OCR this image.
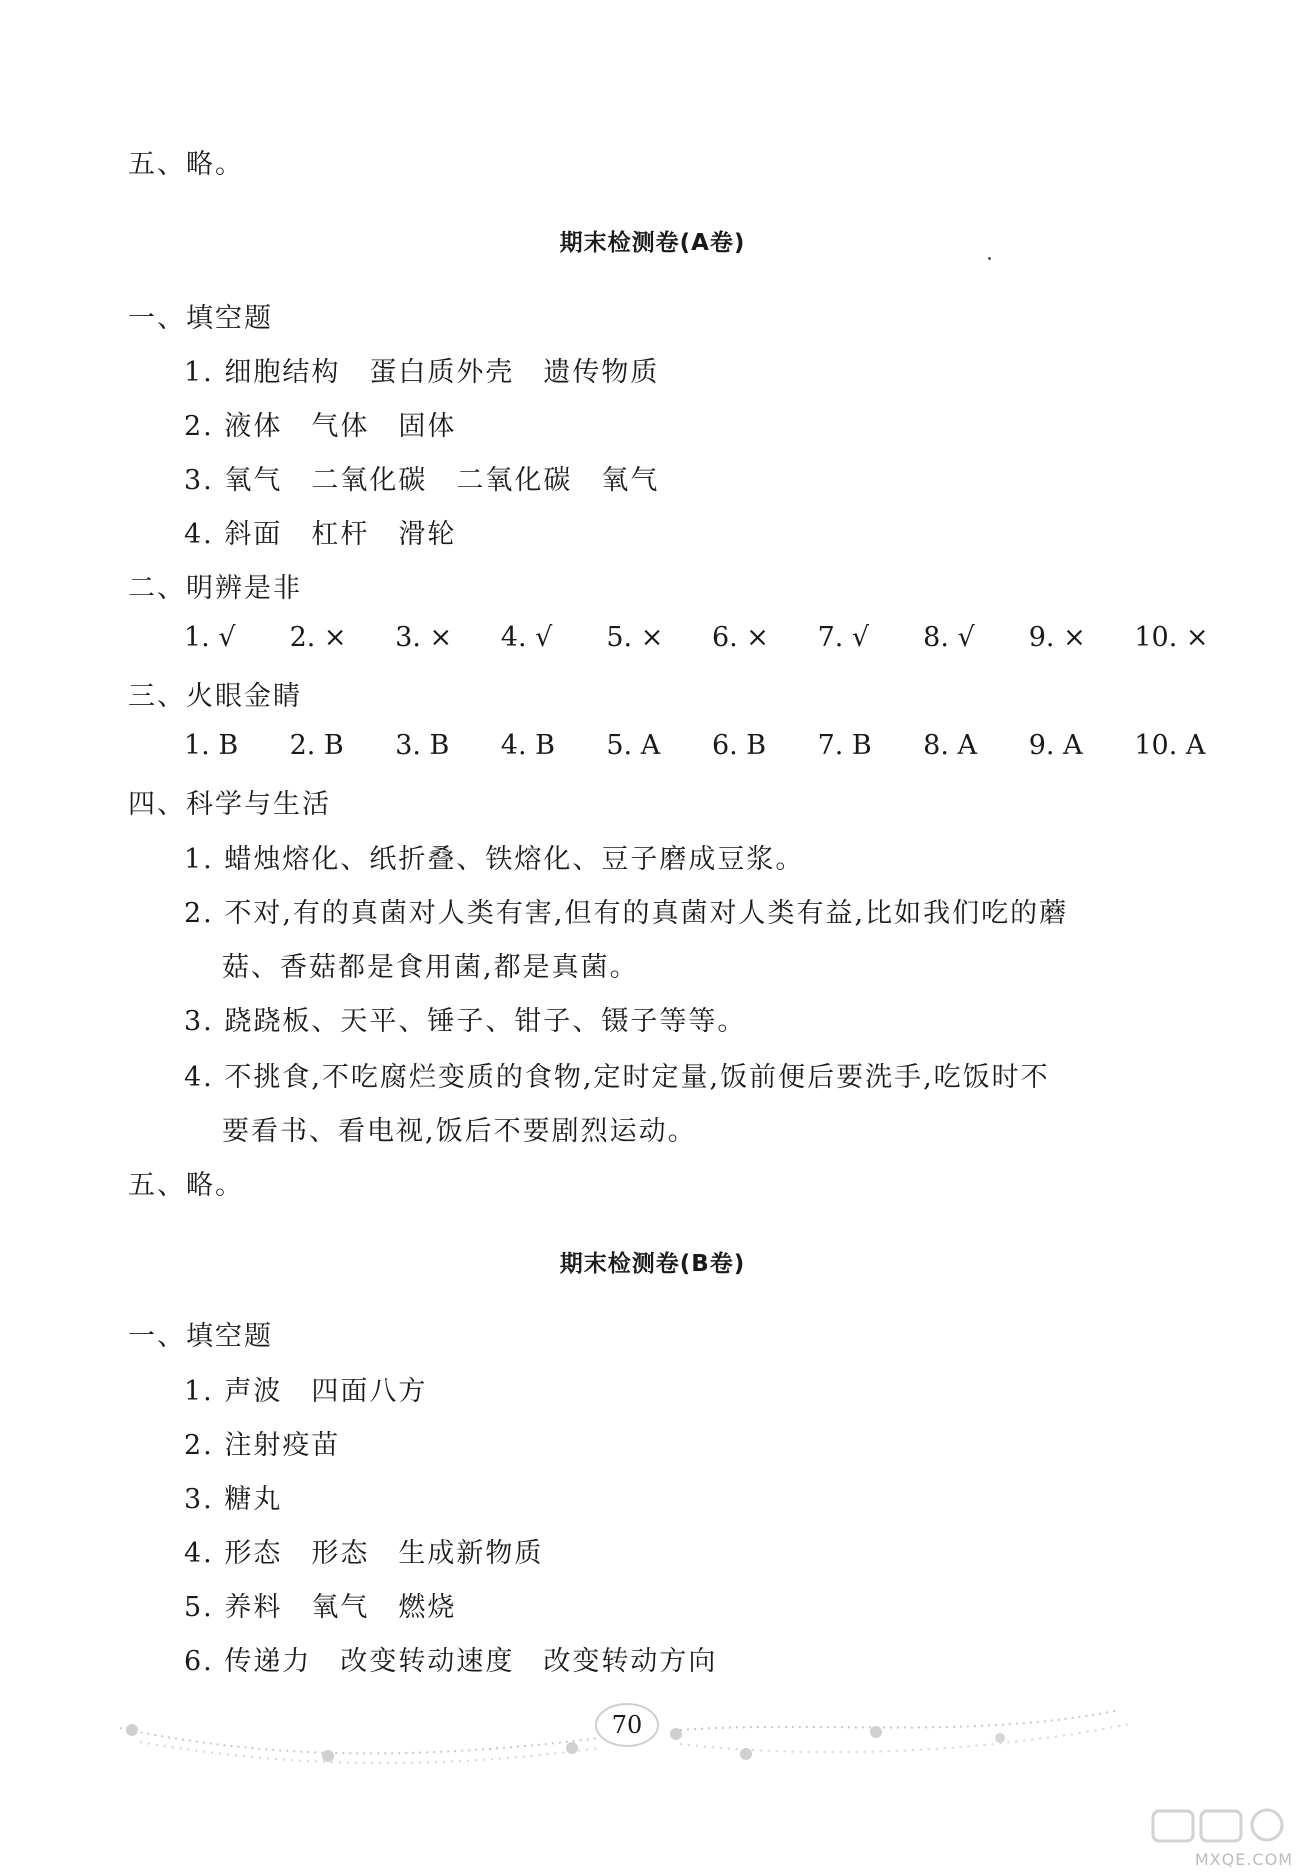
五、略。
期末检测卷(A卷)
一、填空题
1. 细胞结构　蛋白质外壳　遗传物质
2. 液体　气体　固体
3. 氧气　二氧化碳　二氧化碳　氧气
4. 斜面　杠杆　滑轮
二、明辨是非
1. √ 2. × 3. × 4. √ 5. × 6. × 7. √ 8. √ 9. × 10. ×
三、火眼金睛
1. B 2. B 3. B 4. B 5. A 6. B 7. B 8. A 9. A 10. A
四、科学与生活
1. 蜡烛熔化、纸折叠、铁熔化、豆子磨成豆浆。
2. 不对,有的真菌对人类有害,但有的真菌对人类有益,比如我们吃的蘑
菇、香菇都是食用菌,都是真菌。
3. 跷跷板、天平、锤子、钳子、镊子等等。
4. 不挑食,不吃腐烂变质的食物,定时定量,饭前便后要洗手,吃饭时不
要看书、看电视,饭后不要剧烈运动。
五、略。
期末检测卷(B卷)
一、填空题
1. 声波　四面八方
2. 注射疫苗
3. 糖丸
4. 形态　形态　生成新物质
5. 养料　氧气　燃烧
6. 传递力　改变转动速度　改变转动方向
70
MXQE.COM
